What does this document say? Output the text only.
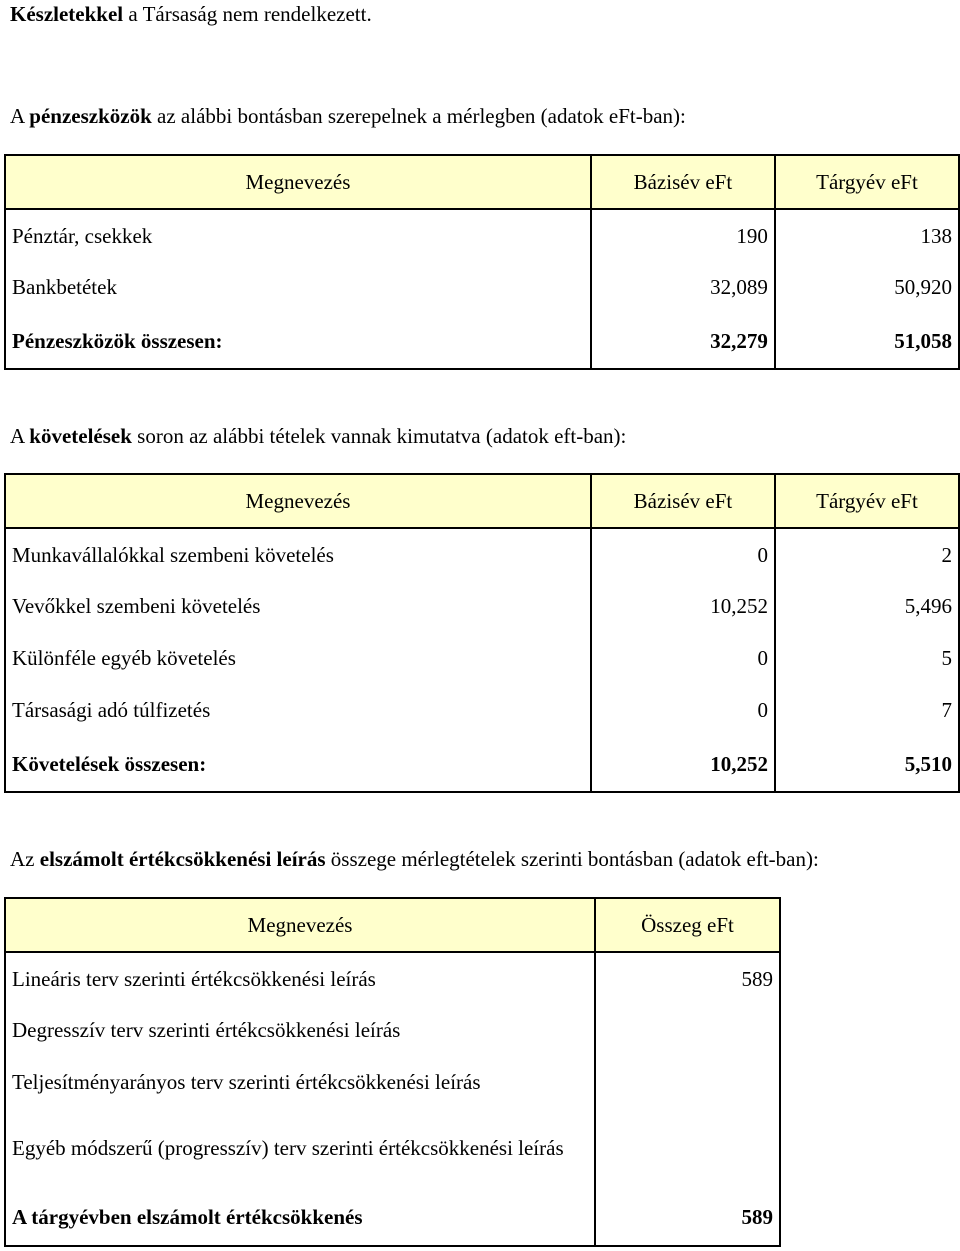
Készletekkel a Társaság nem rendelkezett.

A pénzeszközök az alábbi bontásban szerepelnek a mérlegben (adatok eFt-ban):

Megnevezés	Bázisév eFt	Tárgyév eFt
Pénztár, csekkek	190	138
Bankbetétek	32,089	50,920
Pénzeszközök összesen:	32,279	51,058

A követelések soron az alábbi tételek vannak kimutatva (adatok eft-ban):

Megnevezés	Bázisév eFt	Tárgyév eFt
Munkavállalókkal szembeni követelés	0	2
Vevőkkel szembeni követelés	10,252	5,496
Különféle egyéb követelés	0	5
Társasági adó túlfizetés	0	7
Követelések összesen:	10,252	5,510

Az elszámolt értékcsökkenési leírás összege mérlegtételek szerinti bontásban (adatok eft-ban):

Megnevezés	Összeg eFt
Lineáris terv szerinti értékcsökkenési leírás	589
Degresszív terv szerinti értékcsökkenési leírás	
Teljesítményarányos terv szerinti értékcsökkenési leírás	
Egyéb módszerű (progresszív) terv szerinti értékcsökkenési leírás	
A tárgyévben elszámolt értékcsökkenés	589
